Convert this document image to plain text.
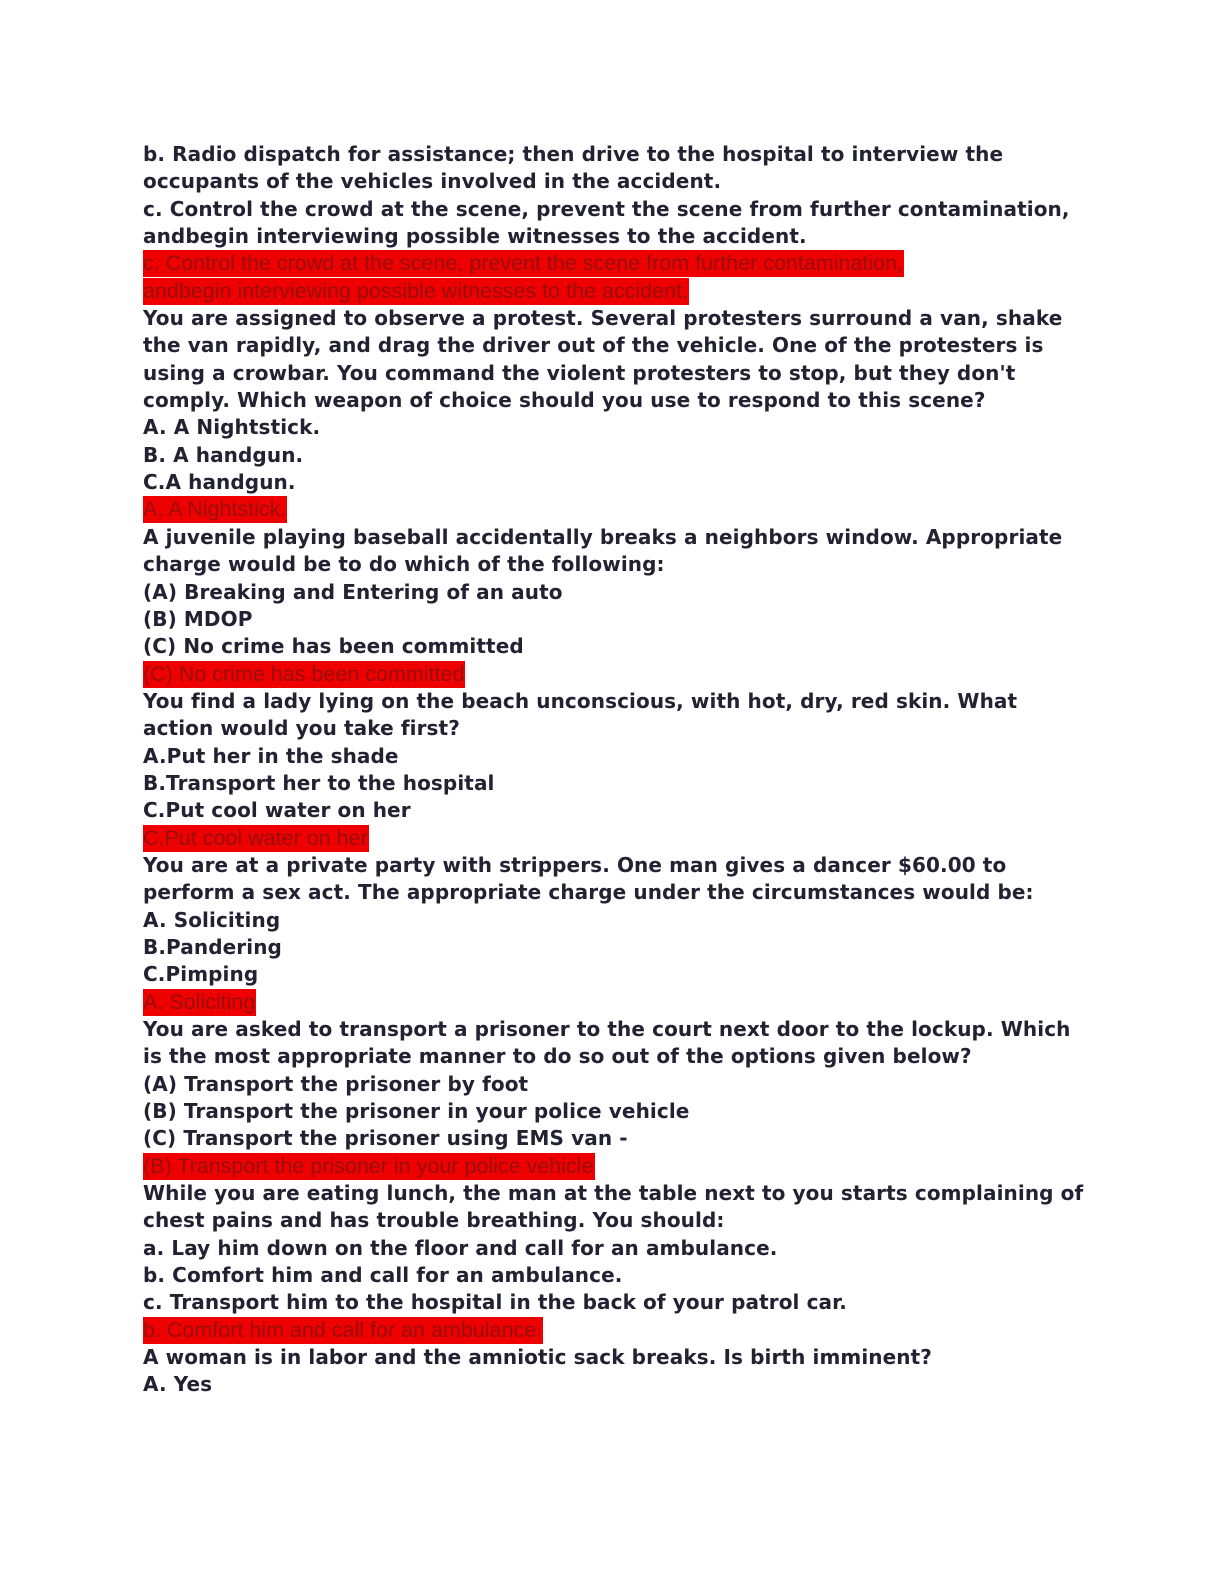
b. Radio dispatch for assistance; then drive to the hospital to interview the
occupants of the vehicles involved in the accident.
c. Control the crowd at the scene, prevent the scene from further contamination,
andbegin interviewing possible witnesses to the accident.
c. Control the crowd at the scene, prevent the scene from further contamination,
andbegin interviewing possible witnesses to the accident.
You are assigned to observe a protest. Several protesters surround a van, shake
the van rapidly, and drag the driver out of the vehicle. One of the protesters is
using a crowbar. You command the violent protesters to stop, but they don't
comply. Which weapon of choice should you use to respond to this scene?
A. A Nightstick.
B. A handgun.
C.A handgun.
A. A Nightstick.
A juvenile playing baseball accidentally breaks a neighbors window. Appropriate
charge would be to do which of the following:
(A) Breaking and Entering of an auto
(B) MDOP
(C) No crime has been committed
(C) No crime has been committed
You find a lady lying on the beach unconscious, with hot, dry, red skin. What
action would you take first?
A.Put her in the shade
B.Transport her to the hospital
C.Put cool water on her
C.Put cool water on her
You are at a private party with strippers. One man gives a dancer $60.00 to
perform a sex act. The appropriate charge under the circumstances would be:
A. Soliciting
B.Pandering
C.Pimping
A. Soliciting
You are asked to transport a prisoner to the court next door to the lockup. Which
is the most appropriate manner to do so out of the options given below?
(A) Transport the prisoner by foot
(B) Transport the prisoner in your police vehicle
(C) Transport the prisoner using EMS van -
(B) Transport the prisoner in your police vehicle
While you are eating lunch, the man at the table next to you starts complaining of
chest pains and has trouble breathing. You should:
a. Lay him down on the floor and call for an ambulance.
b. Comfort him and call for an ambulance.
c. Transport him to the hospital in the back of your patrol car.
b. Comfort him and call for an ambulance.
A woman is in labor and the amniotic sack breaks. Is birth imminent?
A. Yes
